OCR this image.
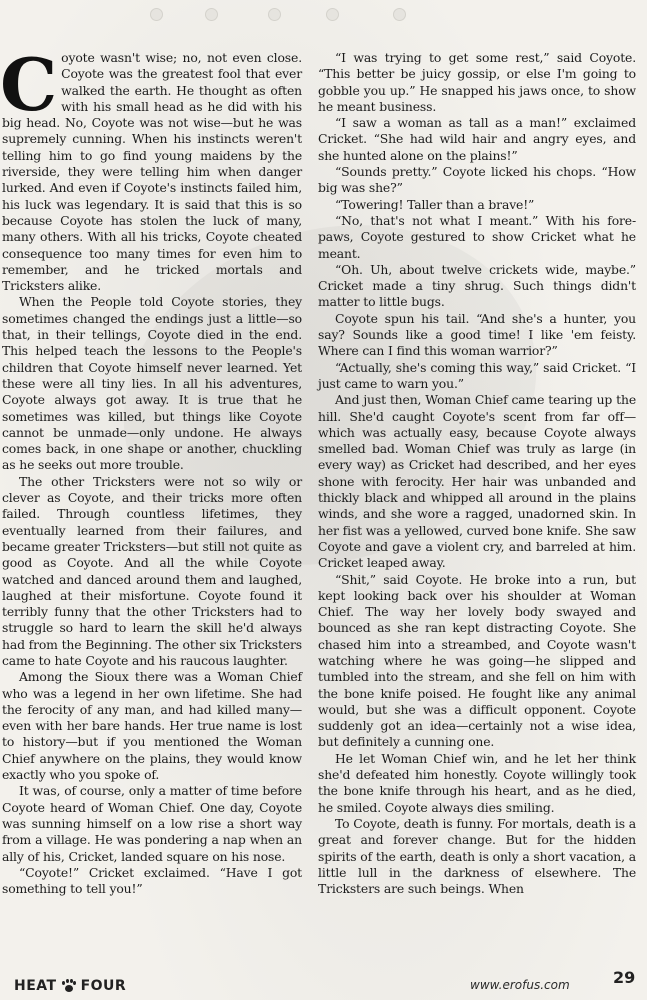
Coyote wasn't wise; no, not even close. Coyote was the greatest fool that ever walked the earth. He thought as often with his small head as he did with his big head. No, Coyote was not wise—but he was supremely cunning. When his instincts weren't telling him to go find young maidens by the riverside, they were telling him when danger lurked. And even if Coyote's instincts failed him, his luck was legendary. It is said that this is so because Coyote has stolen the luck of many, many others. With all his tricks, Coyote cheated consequence too many times for even him to remember, and he tricked mortals and Tricksters alike.

When the People told Coyote stories, they sometimes changed the endings just a little—so that, in their tellings, Coyote died in the end. This helped teach the lessons to the People's children that Coyote himself never learned. Yet these were all tiny lies. In all his adventures, Coyote always got away. It is true that he sometimes was killed, but things like Coyote cannot be unmade—only undone. He always comes back, in one shape or another, chuckling as he seeks out more trouble.

The other Tricksters were not so wily or clever as Coyote, and their tricks more often failed. Through countless lifetimes, they eventually learned from their failures, and became greater Tricksters—but still not quite as good as Coyote. And all the while Coyote watched and danced around them and laughed, laughed at their misfortune. Coyote found it terribly funny that the other Tricksters had to struggle so hard to learn the skill he'd always had from the Beginning. The other six Tricksters came to hate Coyote and his raucous laughter.

Among the Sioux there was a Woman Chief who was a legend in her own lifetime. She had the ferocity of any man, and had killed many—even with her bare hands. Her true name is lost to history—but if you mentioned the Woman Chief anywhere on the plains, they would know exactly who you spoke of.

It was, of course, only a matter of time before Coyote heard of Woman Chief. One day, Coyote was sunning himself on a low rise a short way from a village. He was pondering a nap when an ally of his, Cricket, landed square on his nose.

“Coyote!” Cricket exclaimed. “Have I got something to tell you!”

“I was trying to get some rest,” said Coyote. “This better be juicy gossip, or else I'm going to gobble you up.” He snapped his jaws once, to show he meant business.

“I saw a woman as tall as a man!” exclaimed Cricket. “She had wild hair and angry eyes, and she hunted alone on the plains!”

“Sounds pretty.” Coyote licked his chops. “How big was she?”

“Towering! Taller than a brave!”

“No, that's not what I meant.” With his fore-paws, Coyote gestured to show Cricket what he meant.

“Oh. Uh, about twelve crickets wide, maybe.” Cricket made a tiny shrug. Such things didn't matter to little bugs.

Coyote spun his tail. “And she's a hunter, you say? Sounds like a good time! I like 'em feisty. Where can I find this woman warrior?”

“Actually, she's coming this way,” said Cricket. “I just came to warn you.”

And just then, Woman Chief came tearing up the hill. She'd caught Coyote's scent from far off—which was actually easy, because Coyote always smelled bad. Woman Chief was truly as large (in every way) as Cricket had described, and her eyes shone with ferocity. Her hair was unbanded and thickly black and whipped all around in the plains winds, and she wore a ragged, unadorned skin. In her fist was a yellowed, curved bone knife. She saw Coyote and gave a violent cry, and barreled at him. Cricket leaped away.

“Shit,” said Coyote. He broke into a run, but kept looking back over his shoulder at Woman Chief. The way her lovely body swayed and bounced as she ran kept distracting Coyote. She chased him into a streambed, and Coyote wasn't watching where he was going—he slipped and tumbled into the stream, and she fell on him with the bone knife poised. He fought like any animal would, but she was a difficult opponent. Coyote suddenly got an idea—certainly not a wise idea, but definitely a cunning one.

He let Woman Chief win, and he let her think she'd defeated him honestly. Coyote willingly took the bone knife through his heart, and as he died, he smiled. Coyote always dies smiling.

To Coyote, death is funny. For mortals, death is a great and forever change. But for the hidden spirits of the earth, death is only a short vacation, a little lull in the darkness of elsewhere. The Tricksters are such beings. When

HEAT FOUR	www.erofus.com	29
